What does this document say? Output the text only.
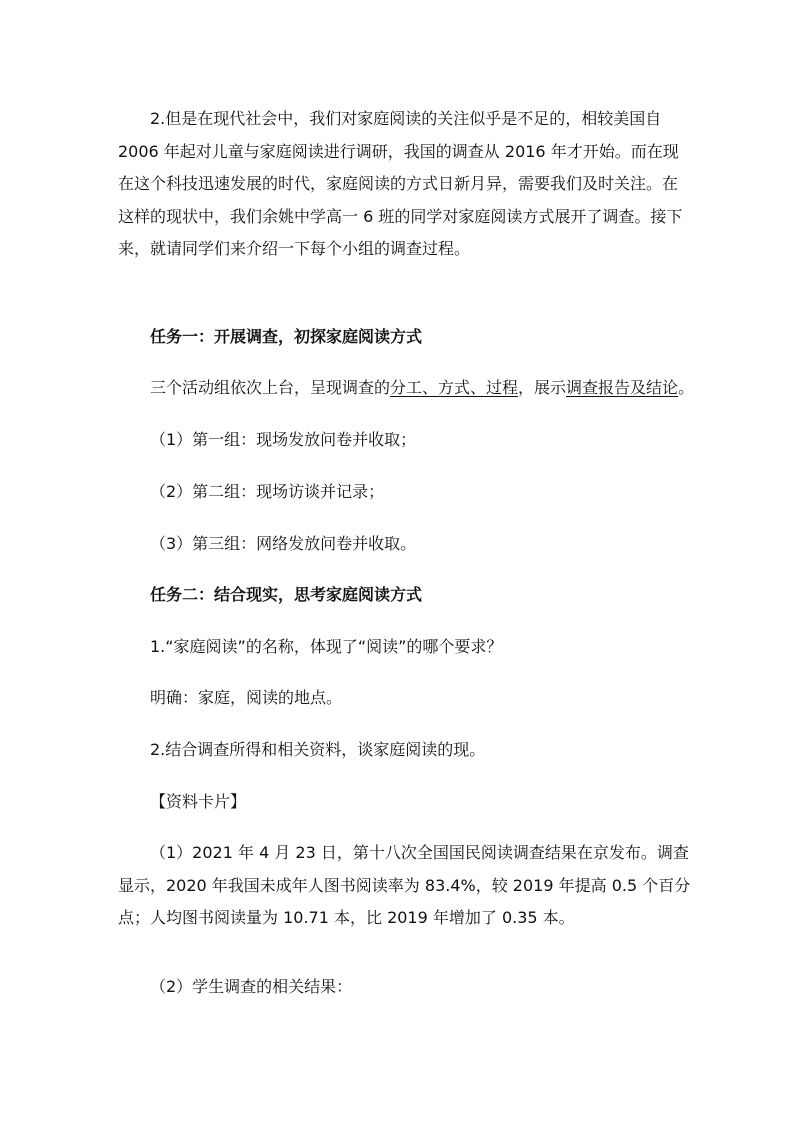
2.但是在现代社会中，我们对家庭阅读的关注似乎是不足的，相较美国自
2006 年起对儿童与家庭阅读进行调研，我国的调查从 2016 年才开始。而在现
在这个科技迅速发展的时代，家庭阅读的方式日新月异，需要我们及时关注。在
这样的现状中，我们余姚中学高一 6 班的同学对家庭阅读方式展开了调查。接下
来，就请同学们来介绍一下每个小组的调查过程。

任务一：开展调查，初探家庭阅读方式

三个活动组依次上台，呈现调查的分工、方式、过程，展示调查报告及结论。

（1）第一组：现场发放问卷并收取；

（2）第二组：现场访谈并记录；

（3）第三组：网络发放问卷并收取。

任务二：结合现实，思考家庭阅读方式

1.“家庭阅读”的名称，体现了“阅读”的哪个要求？

明确：家庭，阅读的地点。

2.结合调查所得和相关资料，谈家庭阅读的现。

【资料卡片】

（1）2021 年 4 月 23 日，第十八次全国国民阅读调查结果在京发布。调查
显示，2020 年我国未成年人图书阅读率为 83.4%，较 2019 年提高 0.5 个百分
点；人均图书阅读量为 10.71 本，比 2019 年增加了 0.35 本。

（2）学生调查的相关结果：
